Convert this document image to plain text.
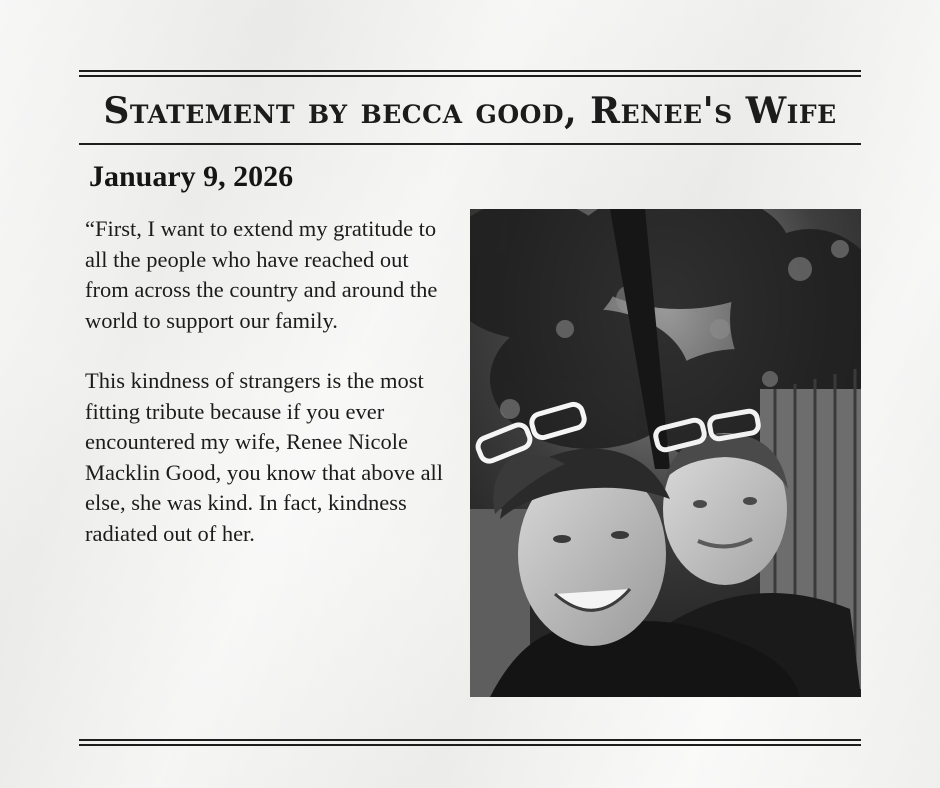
Statement by becca good, Renee's Wife
January 9, 2026

“First, I want to extend my gratitude to all the people who have reached out from across the country and around the world to support our family.

This kindness of strangers is the most fitting tribute because if you ever encountered my wife, Renee Nicole Macklin Good, you know that above all else, she was kind. In fact, kindness radiated out of her.
